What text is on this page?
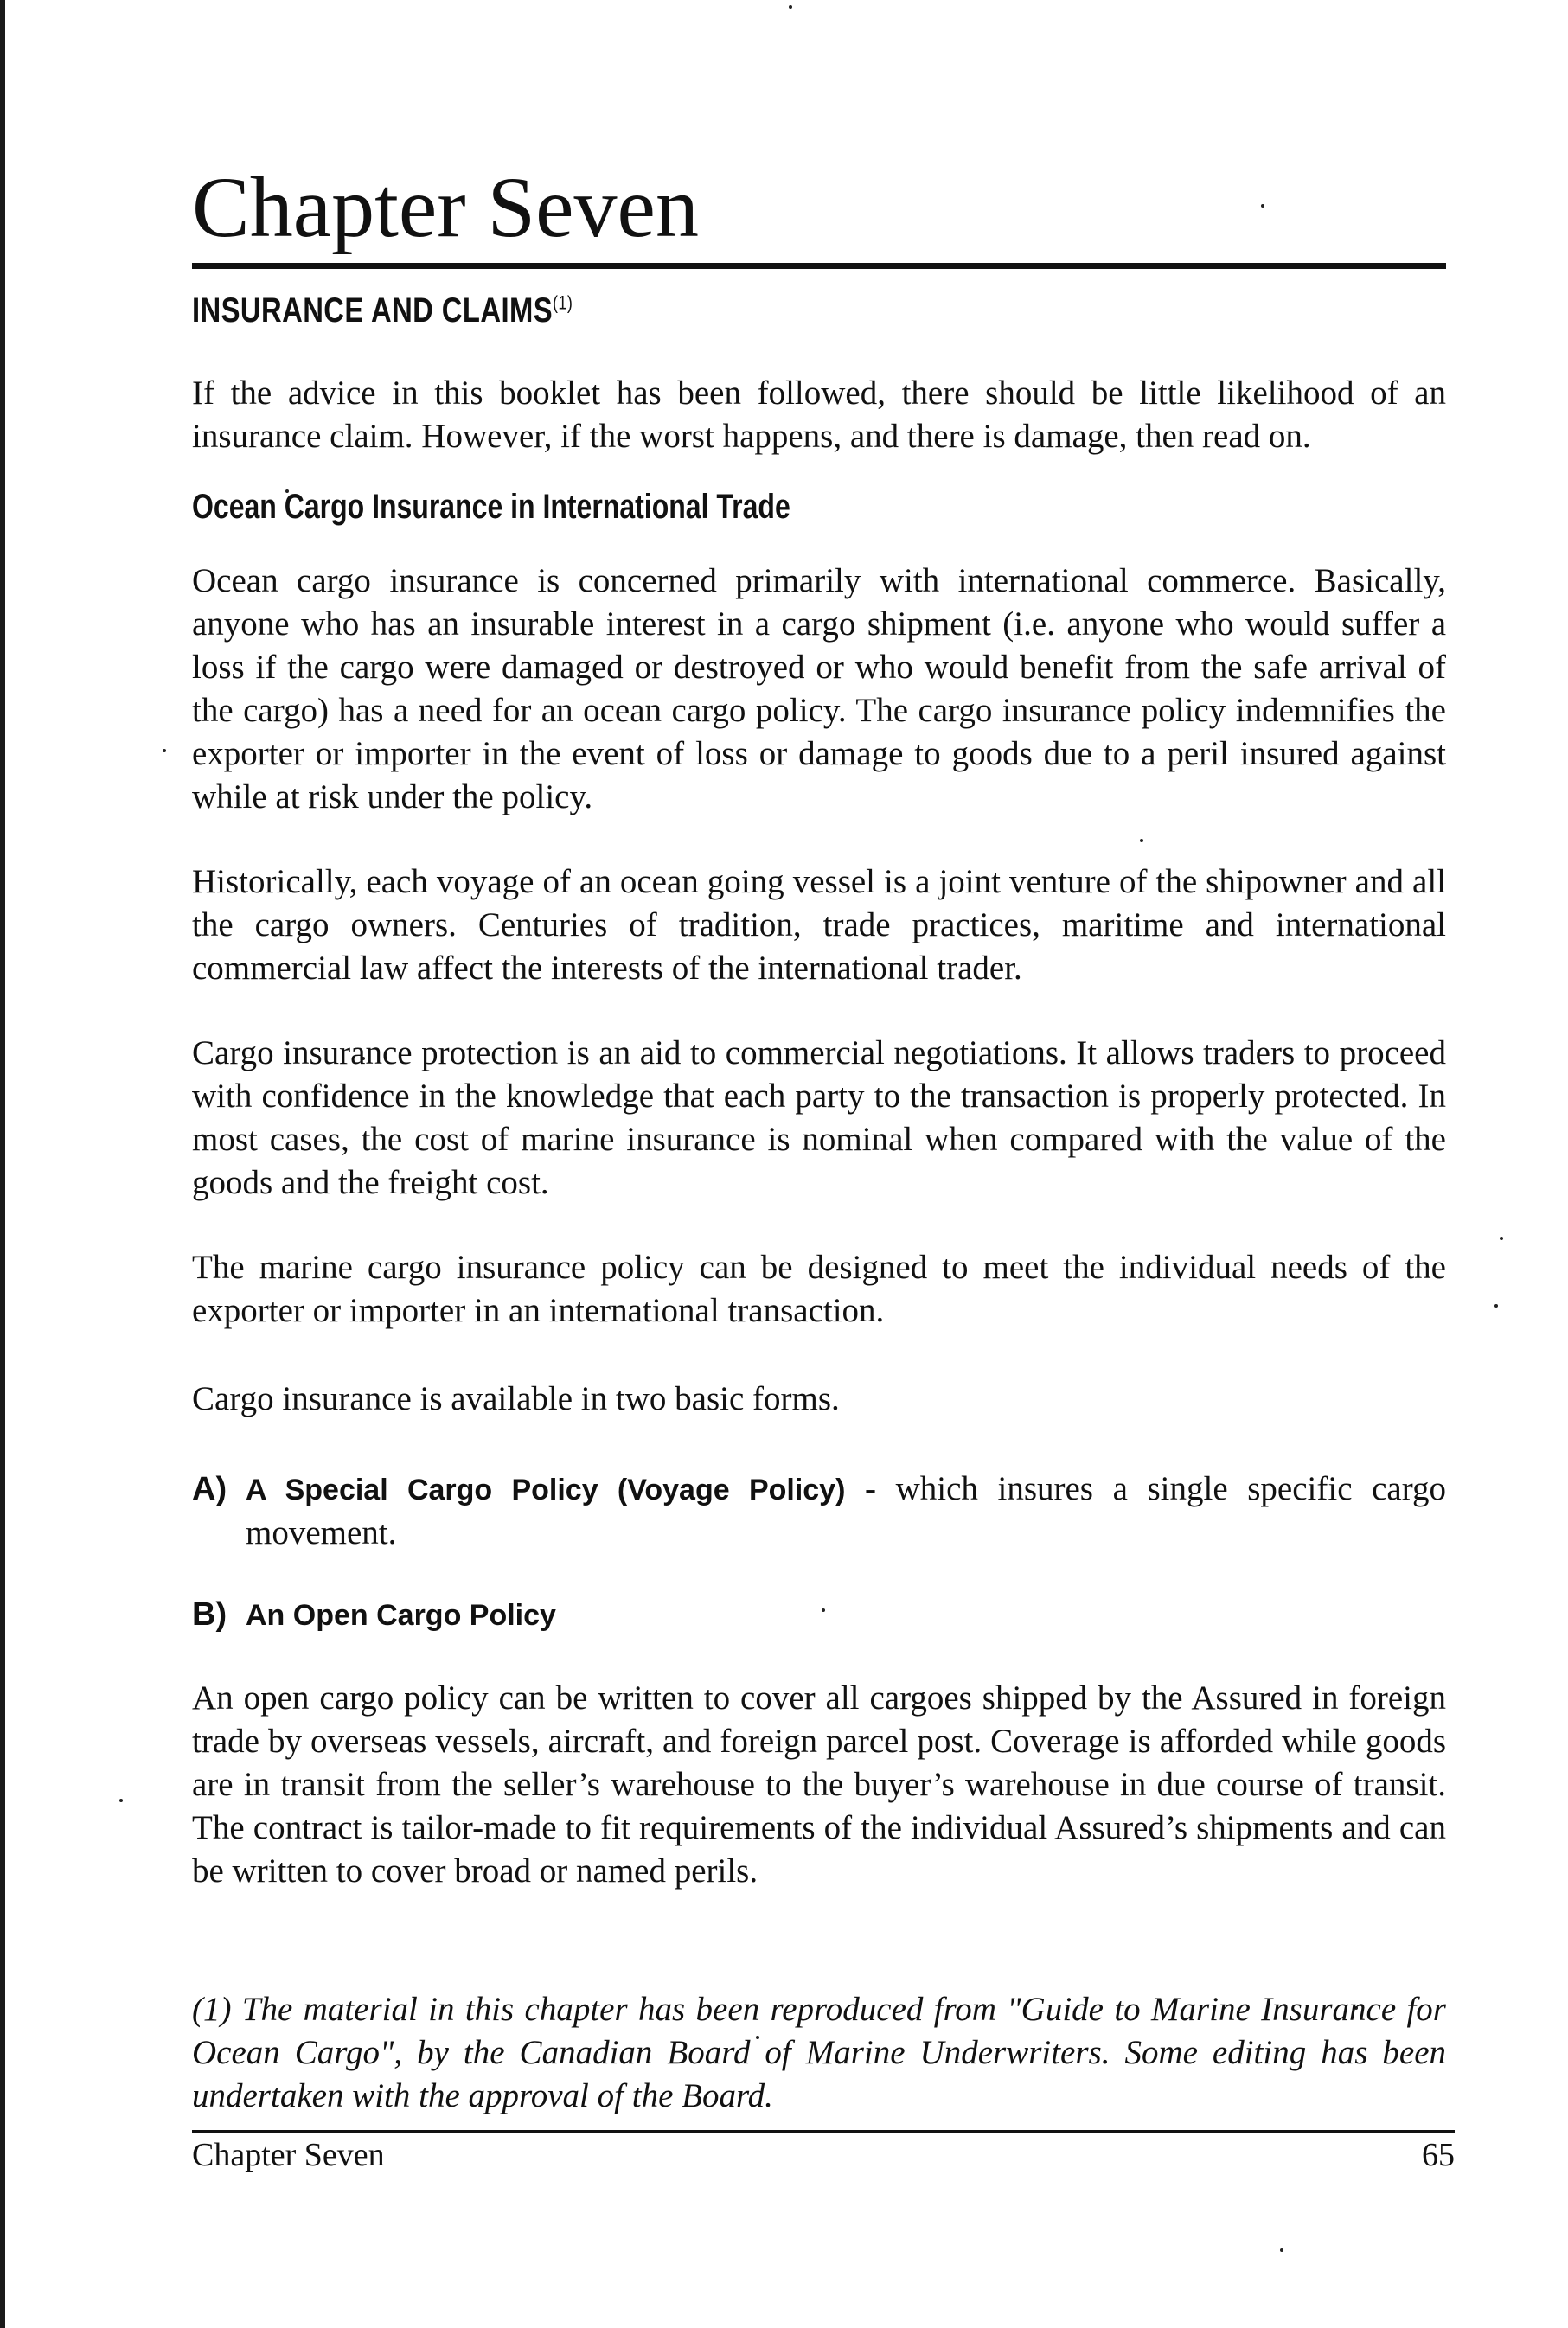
Chapter Seven
INSURANCE AND CLAIMS$^{(1)}$

If the advice in this booklet has been followed, there should be little likelihood of an insurance claim. However, if the worst happens, and there is damage, then read on.

Ocean Cargo Insurance in International Trade

Ocean cargo insurance is concerned primarily with international commerce. Basically, anyone who has an insurable interest in a cargo shipment (i.e. anyone who would suffer a loss if the cargo were damaged or destroyed or who would benefit from the safe arrival of the cargo) has a need for an ocean cargo policy. The cargo insurance policy indemnifies the exporter or importer in the event of loss or damage to goods due to a peril insured against while at risk under the policy.

Historically, each voyage of an ocean going vessel is a joint venture of the shipowner and all the cargo owners. Centuries of tradition, trade practices, maritime and international commercial law affect the interests of the international trader.

Cargo insurance protection is an aid to commercial negotiations. It allows traders to proceed with confidence in the knowledge that each party to the transaction is properly protected. In most cases, the cost of marine insurance is nominal when compared with the value of the goods and the freight cost.

The marine cargo insurance policy can be designed to meet the individual needs of the exporter or importer in an international transaction.

Cargo insurance is available in two basic forms.

A) A Special Cargo Policy (Voyage Policy) - which insures a single specific cargo movement.
B) An Open Cargo Policy

An open cargo policy can be written to cover all cargoes shipped by the Assured in foreign trade by overseas vessels, aircraft, and foreign parcel post. Coverage is afforded while goods are in transit from the seller’s warehouse to the buyer’s warehouse in due course of transit. The contract is tailor-made to fit requirements of the individual Assured’s shipments and can be written to cover broad or named perils.

(1) The material in this chapter has been reproduced from "Guide to Marine Insurance for Ocean Cargo", by the Canadian Board of Marine Underwriters. Some editing has been undertaken with the approval of the Board.

Chapter Seven	65
